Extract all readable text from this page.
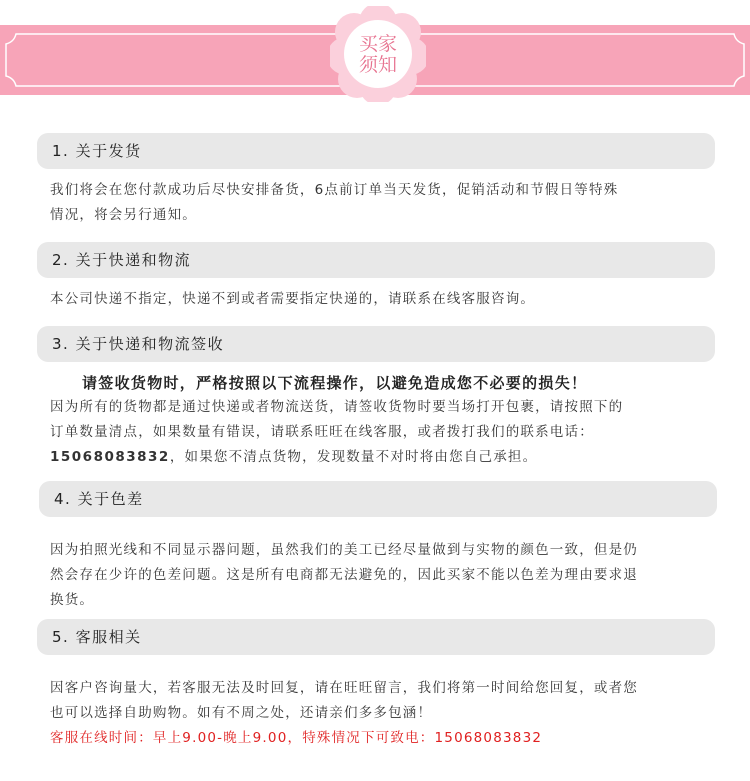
买家
须知
1. 关于发货

我们将会在您付款成功后尽快安排备货，6点前订单当天发货，促销活动和节假日等特殊

情况，将会另行通知。

2. 关于快递和物流

本公司快递不指定，快递不到或者需要指定快递的，请联系在线客服咨询。

3. 关于快递和物流签收
请签收货物时，严格按照以下流程操作，以避免造成您不必要的损失！

因为所有的货物都是通过快递或者物流送货，请签收货物时要当场打开包裹，请按照下的

订单数量清点，如果数量有错误，请联系旺旺在线客服，或者拨打我们的联系电话：

15068083832，如果您不清点货物，发现数量不对时将由您自己承担。

4. 关于色差

因为拍照光线和不同显示器问题，虽然我们的美工已经尽量做到与实物的颜色一致，但是仍

然会存在少许的色差问题。这是所有电商都无法避免的，因此买家不能以色差为理由要求退

换货。

5. 客服相关

因客户咨询量大，若客服无法及时回复，请在旺旺留言，我们将第一时间给您回复，或者您

也可以选择自助购物。如有不周之处，还请亲们多多包涵！

客服在线时间：早上9.00-晚上9.00，特殊情况下可致电：15068083832
